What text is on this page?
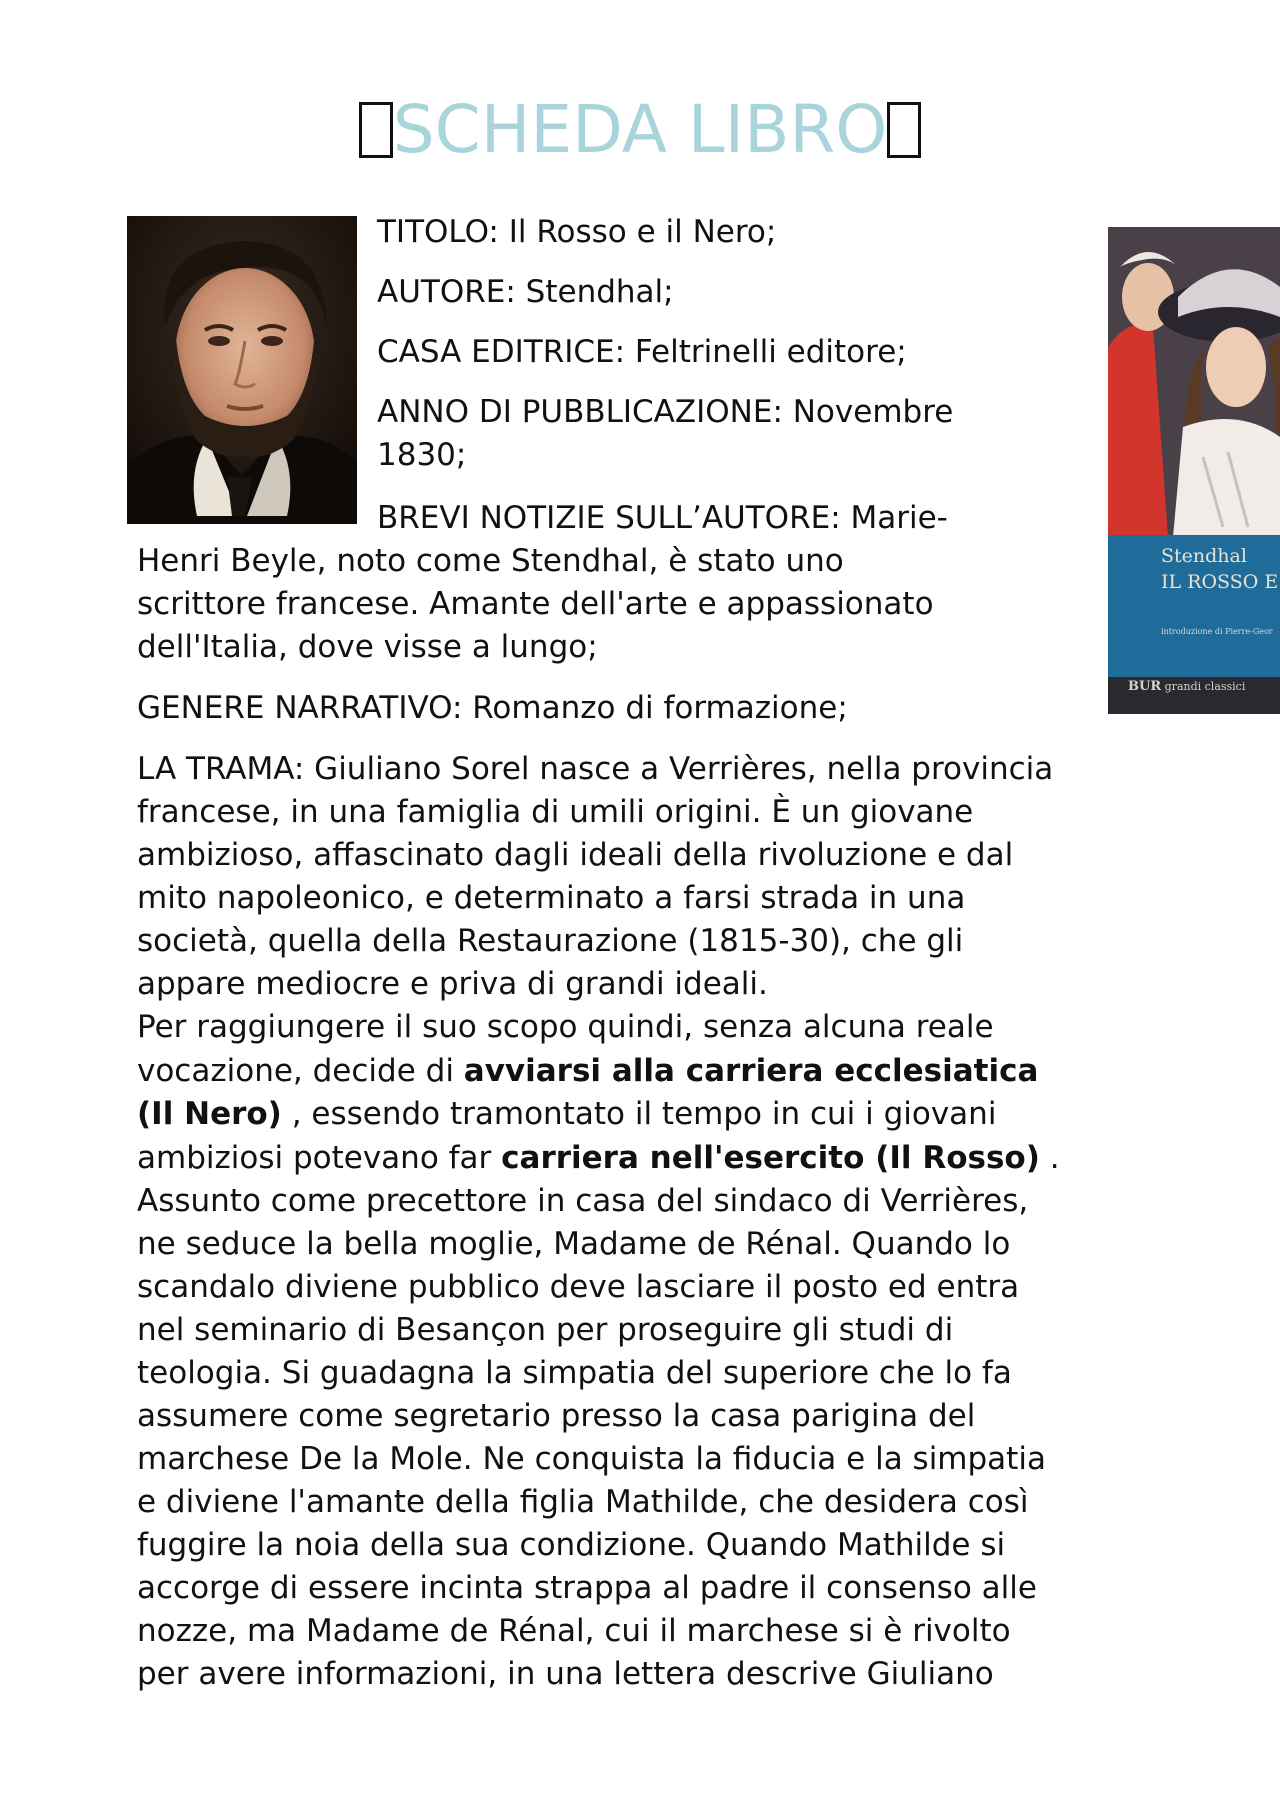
SCHEDA LIBRO
Stendhal
IL ROSSO E
introduzione di Pierre-Geor
BUR grandi classici
TITOLO: Il Rosso e il Nero;
AUTORE: Stendhal;
CASA EDITRICE: Feltrinelli editore;
ANNO DI PUBBLICAZIONE: Novembre
1830;
BREVI NOTIZIE SULL’AUTORE: Marie-
Henri Beyle, noto come Stendhal, è stato uno
scrittore francese. Amante dell'arte e appassionato
dell'Italia, dove visse a lungo;
GENERE NARRATIVO: Romanzo di formazione;
LA TRAMA: Giuliano Sorel nasce a Verrières, nella provincia
francese, in una famiglia di umili origini. È un giovane
ambizioso, affascinato dagli ideali della rivoluzione e dal
mito napoleonico, e determinato a farsi strada in una
società, quella della Restaurazione (1815-30), che gli
appare mediocre e priva di grandi ideali.
Per raggiungere il suo scopo quindi, senza alcuna reale
vocazione, decide di avviarsi alla carriera ecclesiatica
(Il Nero) , essendo tramontato il tempo in cui i giovani
ambiziosi potevano far carriera nell'esercito (Il Rosso) .
Assunto come precettore in casa del sindaco di Verrières,
ne seduce la bella moglie, Madame de Rénal. Quando lo
scandalo diviene pubblico deve lasciare il posto ed entra
nel seminario di Besançon per proseguire gli studi di
teologia. Si guadagna la simpatia del superiore che lo fa
assumere come segretario presso la casa parigina del
marchese De la Mole. Ne conquista la fiducia e la simpatia
e diviene l'amante della figlia Mathilde, che desidera così
fuggire la noia della sua condizione. Quando Mathilde si
accorge di essere incinta strappa al padre il consenso alle
nozze, ma Madame de Rénal, cui il marchese si è rivolto
per avere informazioni, in una lettera descrive Giuliano
